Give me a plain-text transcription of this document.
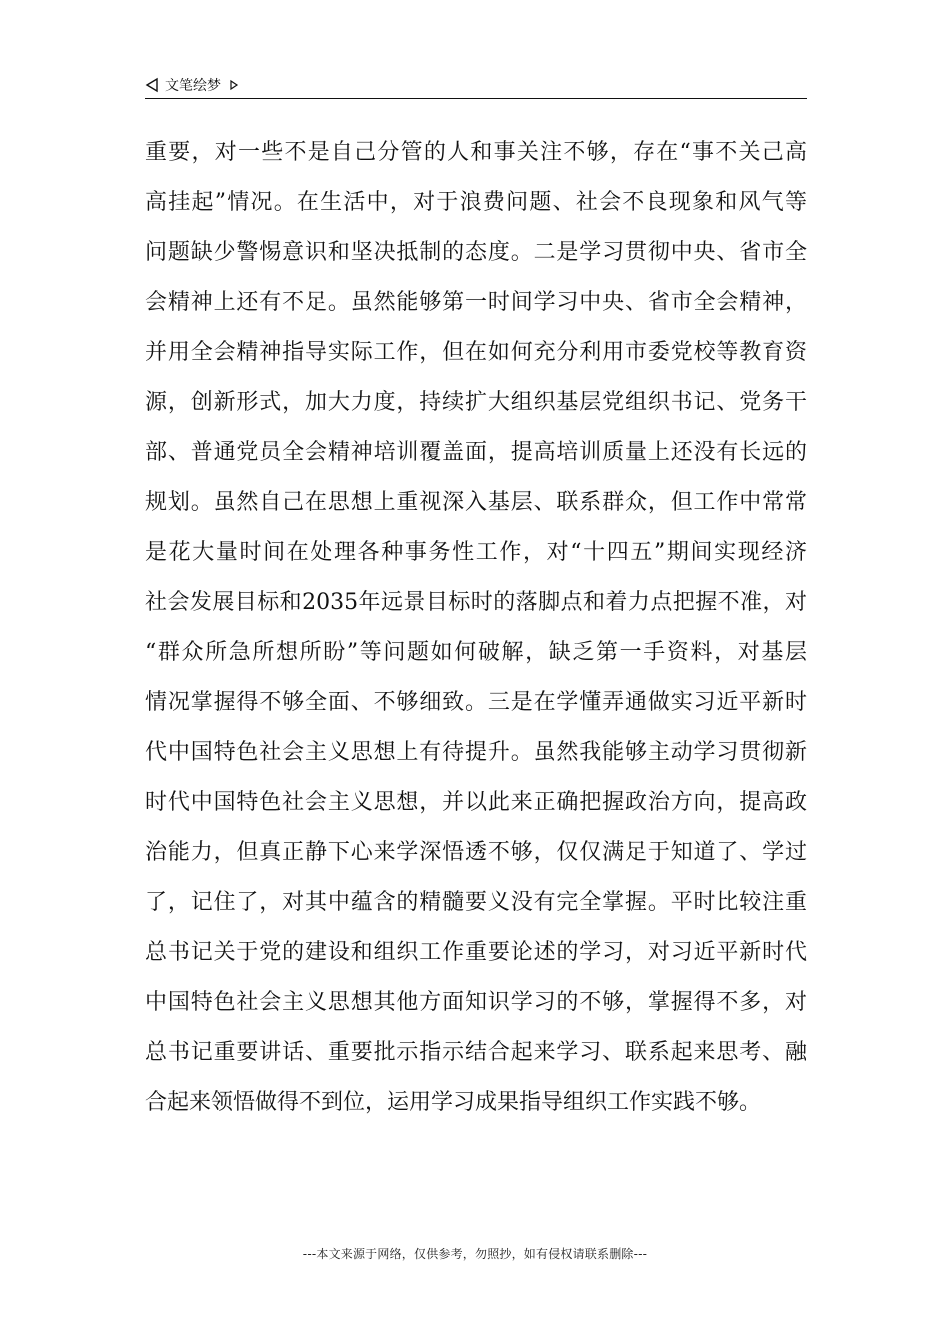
文笔绘梦
重要，对一些不是自己分管的人和事关注不够，存在“事不关己高
高挂起”情况。在生活中，对于浪费问题、社会不良现象和风气等
问题缺少警惕意识和坚决抵制的态度。二是学习贯彻中央、省市全
会精神上还有不足。虽然能够第一时间学习中央、省市全会精神，
并用全会精神指导实际工作，但在如何充分利用市委党校等教育资
源，创新形式，加大力度，持续扩大组织基层党组织书记、党务干
部、普通党员全会精神培训覆盖面，提高培训质量上还没有长远的
规划。虽然自己在思想上重视深入基层、联系群众，但工作中常常
是花大量时间在处理各种事务性工作，对“十四五”期间实现经济
社会发展目标和2035年远景目标时的落脚点和着力点把握不准，对
“群众所急所想所盼”等问题如何破解，缺乏第一手资料，对基层
情况掌握得不够全面、不够细致。三是在学懂弄通做实习近平新时
代中国特色社会主义思想上有待提升。虽然我能够主动学习贯彻新
时代中国特色社会主义思想，并以此来正确把握政治方向，提高政
治能力，但真正静下心来学深悟透不够，仅仅满足于知道了、学过
了，记住了，对其中蕴含的精髓要义没有完全掌握。平时比较注重
总书记关于党的建设和组织工作重要论述的学习，对习近平新时代
中国特色社会主义思想其他方面知识学习的不够，掌握得不多，对
总书记重要讲话、重要批示指示结合起来学习、联系起来思考、融
合起来领悟做得不到位，运用学习成果指导组织工作实践不够。
---本文来源于网络，仅供参考，勿照抄，如有侵权请联系删除---
